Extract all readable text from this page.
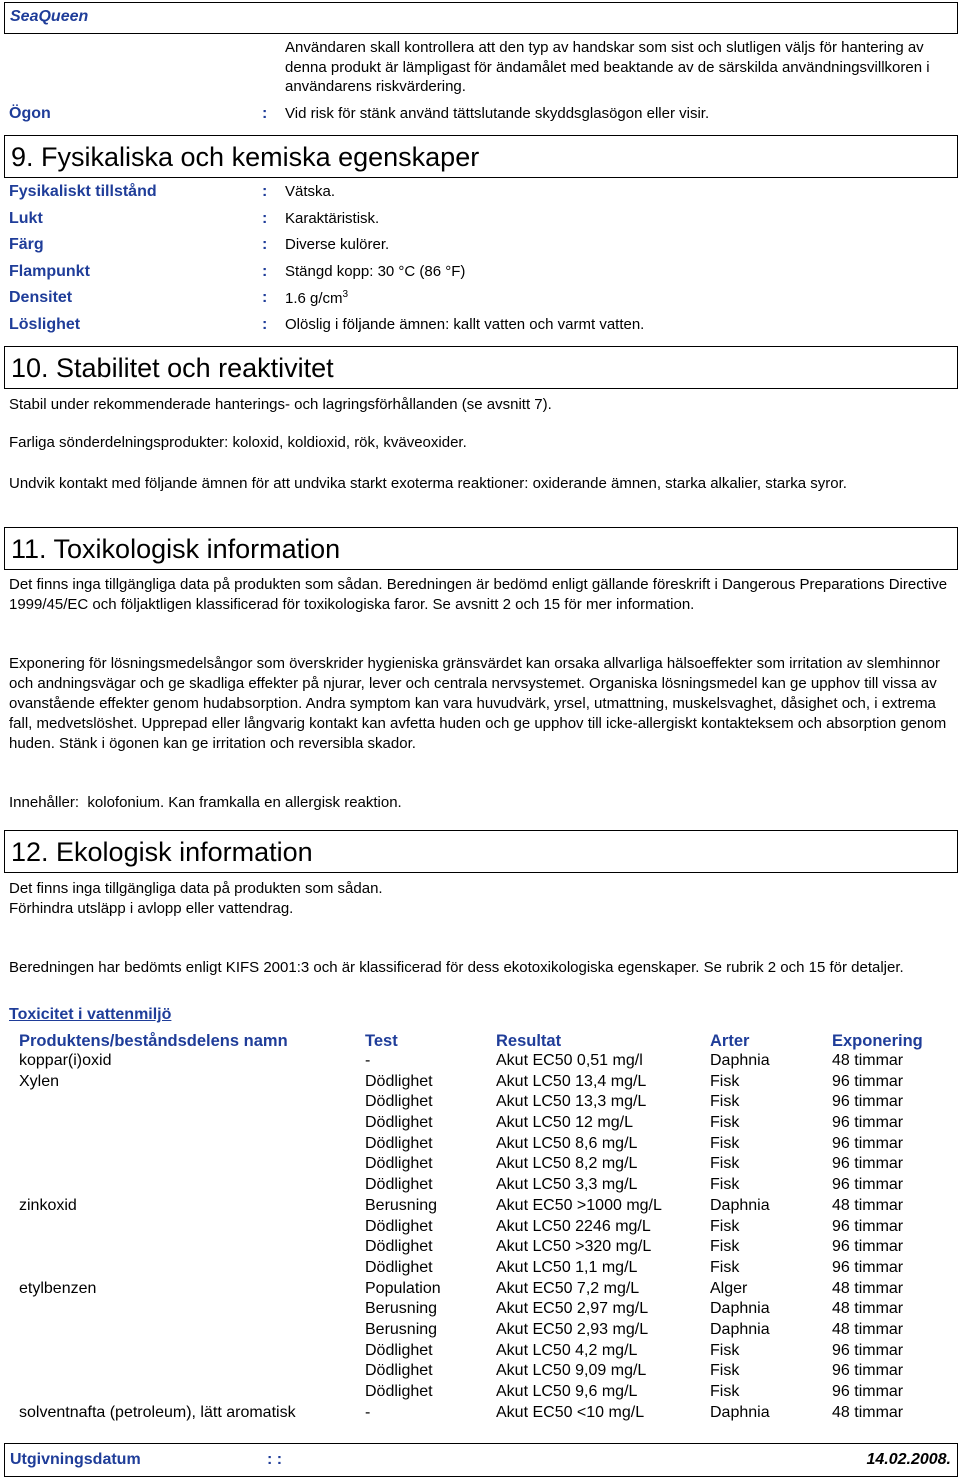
SeaQueen
Användaren skall kontrollera att den typ av handskar som sist och slutligen väljs för hantering av denna produkt är lämpligast för ändamålet med beaktande av de särskilda användningsvillkoren i användarens riskvärdering.
Ögon	: Vid risk för stänk använd tättslutande skyddsglasögon eller visir.
9. Fysikaliska och kemiska egenskaper
Fysikaliskt tillstånd	: Vätska.
Lukt	: Karaktäristisk.
Färg	: Diverse kulörer.
Flampunkt	: Stängd kopp: 30 °C (86 °F)
Densitet	: 1.6 $g/cm^3$
Löslighet	: Olöslig i följande ämnen: kallt vatten och varmt vatten.
10. Stabilitet och reaktivitet
Stabil under rekommenderade hanterings- och lagringsförhållanden (se avsnitt 7).
Farliga sönderdelningsprodukter: koloxid, koldioxid, rök, kväveoxider.
Undvik kontakt med följande ämnen för att undvika starkt exoterma reaktioner: oxiderande ämnen, starka alkalier, starka syror.
11. Toxikologisk information
Det finns inga tillgängliga data på produkten som sådan. Beredningen är bedömd enligt gällande föreskrift i Dangerous Preparations Directive 1999/45/EC och följaktligen klassificerad för toxikologiska faror. Se avsnitt 2 och 15 för mer information.
Exponering för lösningsmedelsångor som överskrider hygieniska gränsvärdet kan orsaka allvarliga hälsoeffekter som irritation av slemhinnor och andningsvägar och ge skadliga effekter på njurar, lever och centrala nervsystemet. Organiska lösningsmedel kan ge upphov till vissa av ovanstående effekter genom hudabsorption. Andra symptom kan vara huvudvärk, yrsel, utmattning, muskelsvaghet, dåsighet och, i extrema fall, medvetslöshet. Upprepad eller långvarig kontakt kan avfetta huden och ge upphov till icke-allergiskt kontakteksem och absorption genom huden. Stänk i ögonen kan ge irritation och reversibla skador.
Innehåller: kolofonium. Kan framkalla en allergisk reaktion.
12. Ekologisk information
Det finns inga tillgängliga data på produkten som sådan.
Förhindra utsläpp i avlopp eller vattendrag.
Beredningen har bedömts enligt KIFS 2001:3 och är klassificerad för dess ekotoxikologiska egenskaper. Se rubrik 2 och 15 för detaljer.
Toxicitet i vattenmiljö
Produktens/beståndsdelens namn	Test	Resultat	Arter	Exponering
koppar(i)oxid	-	Akut EC50 0,51 mg/l	Daphnia	48 timmar
Xylen	Dödlighet	Akut LC50 13,4 mg/L	Fisk	96 timmar
	Dödlighet	Akut LC50 13,3 mg/L	Fisk	96 timmar
	Dödlighet	Akut LC50 12 mg/L	Fisk	96 timmar
	Dödlighet	Akut LC50 8,6 mg/L	Fisk	96 timmar
	Dödlighet	Akut LC50 8,2 mg/L	Fisk	96 timmar
	Dödlighet	Akut LC50 3,3 mg/L	Fisk	96 timmar
zinkoxid	Berusning	Akut EC50 >1000 mg/L	Daphnia	48 timmar
	Dödlighet	Akut LC50 2246 mg/L	Fisk	96 timmar
	Dödlighet	Akut LC50 >320 mg/L	Fisk	96 timmar
	Dödlighet	Akut LC50 1,1 mg/L	Fisk	96 timmar
etylbenzen	Population	Akut EC50 7,2 mg/L	Alger	48 timmar
	Berusning	Akut EC50 2,97 mg/L	Daphnia	48 timmar
	Berusning	Akut EC50 2,93 mg/L	Daphnia	48 timmar
	Dödlighet	Akut LC50 4,2 mg/L	Fisk	96 timmar
	Dödlighet	Akut LC50 9,09 mg/L	Fisk	96 timmar
	Dödlighet	Akut LC50 9,6 mg/L	Fisk	96 timmar
solventnafta (petroleum), lätt aromatisk	-	Akut EC50 <10 mg/L	Daphnia	48 timmar
Utgivningsdatum	: :	14.02.2008.
